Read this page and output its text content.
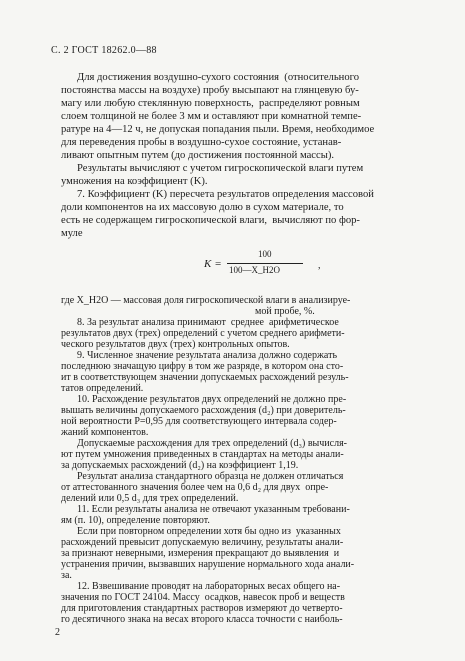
С. 2 ГОСТ 18262.0—88
Для достижения воздушно-сухого состояния  (относительного
постоянства массы на воздухе) пробу высыпают на глянцевую бу-
магу или любую стеклянную поверхность,  распределяют ровным
слоем толщиной не более 3 мм и оставляют при комнатной темпе-
ратуре на 4—12 ч, не допуская попадания пыли. Время, необходимое
для переведения пробы в воздушно-сухое состояние, устанав-
ливают опытным путем (до достижения постоянной массы).
Результаты вычисляют с учетом гигроскопической влаги путем
умножения на коэффициент (K).
7. Коэффициент (K) пересчета результатов определения массовой
доли компонентов на их массовую долю в сухом материале, то
есть не содержащем гигроскопической влаги,  вычисляют по фор-
муле
K =
100
100—X_H2O	,
где X_H2O — массовая доля гигроскопической влаги в анализируе-
мой пробе, %.
8. За результат анализа принимают  среднее  арифметическое
результатов двух (трех) определений с учетом среднего арифмети-
ческого результатов двух (трех) контрольных опытов.
9. Численное значение результата анализа должно содержать
последнюю значащую цифру в том же разряде, в котором она сто-
ит в соответствующем значении допускаемых расхождений резуль-
татов определений.
10. Расхождение результатов двух определений не должно пре-
вышать величины допускаемого расхождения (d₂) при доверитель-
ной вероятности P=0,95 для соответствующего интервала содер-
жаний компонентов.
Допускаемые расхождения для трех определений (d₃) вычисля-
ют путем умножения приведенных в стандартах на методы анали-
за допускаемых расхождений (d₂) на коэффициент 1,19.
Результат анализа стандартного образца не должен отличаться
от аттестованного значения более чем на 0,6 d₂ для двух  опре-
делений или 0,5 d₃ для трех определений.
11. Если результаты анализа не отвечают указанным требовани-
ям (п. 10), определение повторяют.
Если при повторном определении хотя бы одно из  указанных
расхождений превысит допускаемую величину, результаты анали-
за признают неверными, измерения прекращают до выявления  и
устранения причин, вызвавших нарушение нормального хода анали-
за.
12. Взвешивание проводят на лабораторных весах общего на-
значения по ГОСТ 24104. Массу  осадков, навесок проб и веществ
для приготовления стандартных растворов измеряют до четверто-
го десятичного знака на весах второго класса точности с наиболь-
2
